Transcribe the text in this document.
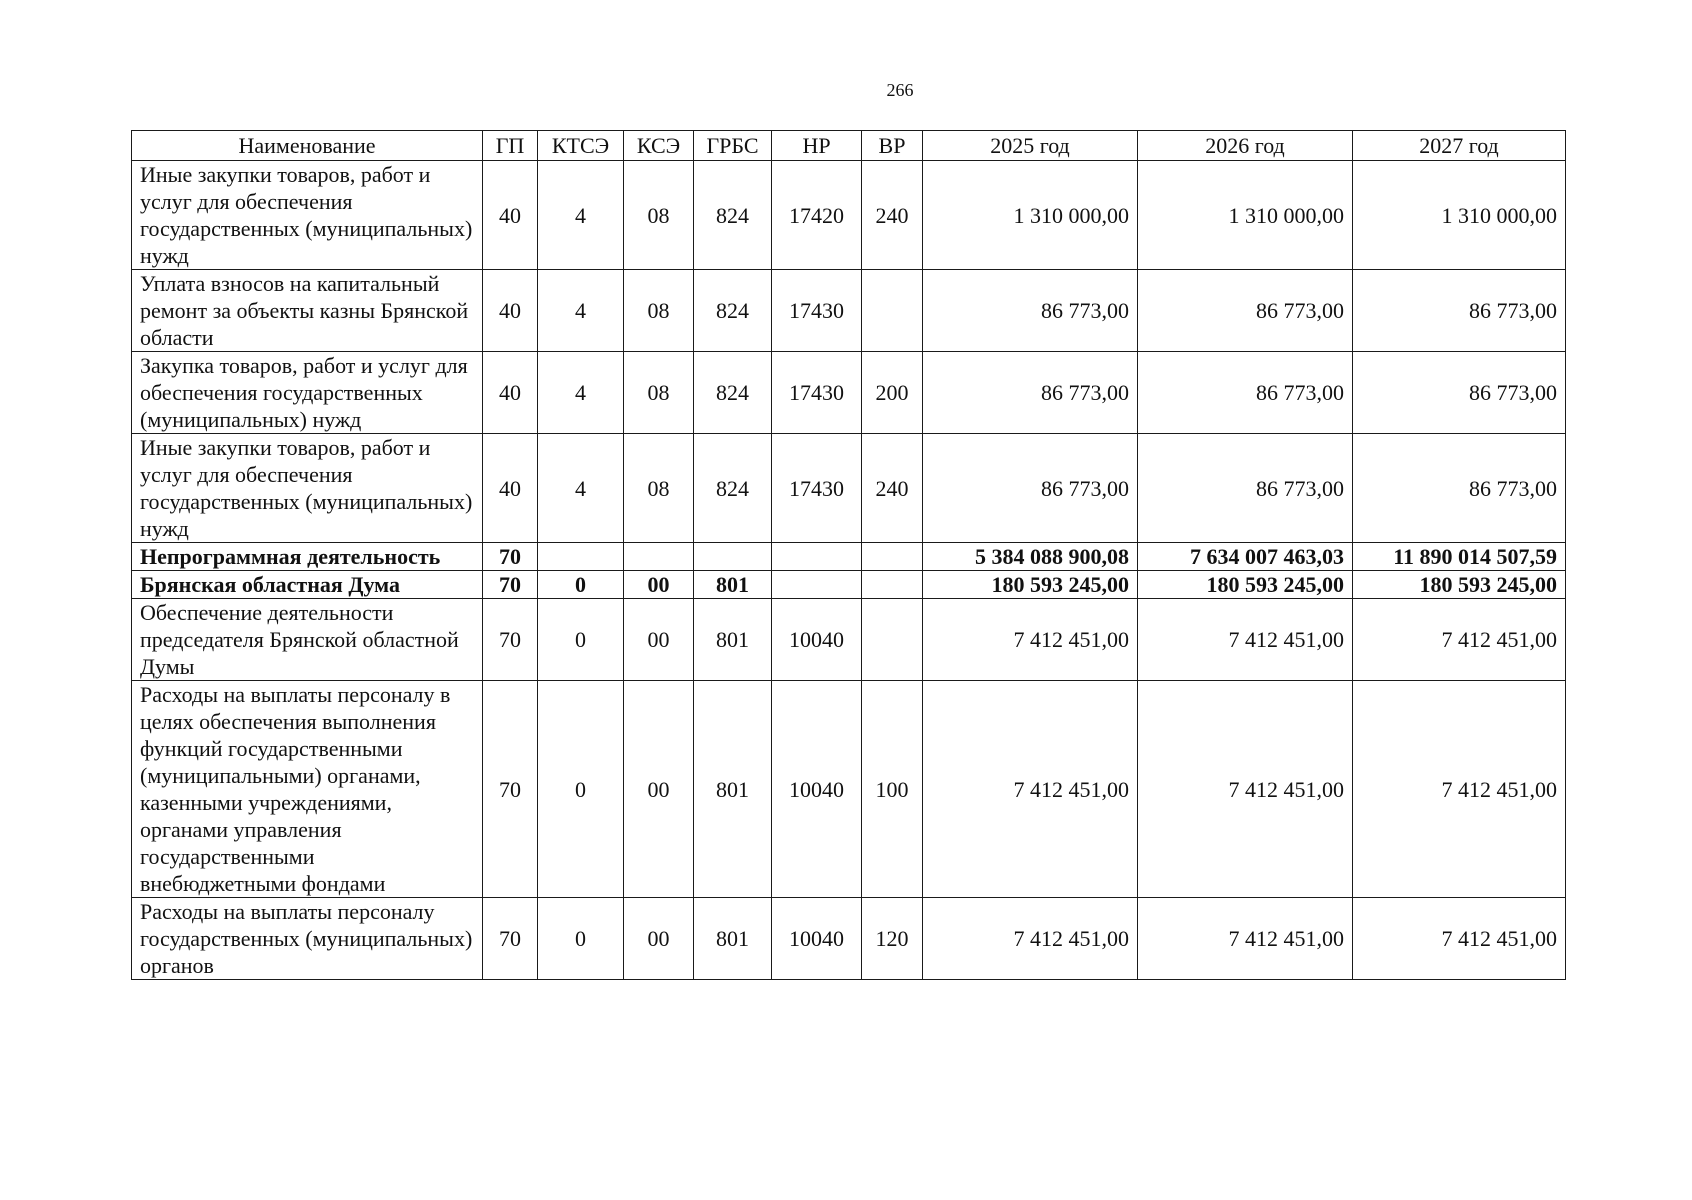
266
Наименование	ГП	КТСЭ	КСЭ	ГРБС	НР	ВР	2025 год	2026 год	2027 год
Иные закупки товаров, работ и услуг для обеспечения государственных (муниципальных) нужд	40	4	08	824	17420	240	1 310 000,00	1 310 000,00	1 310 000,00
Уплата взносов на капитальный ремонт за объекты казны Брянской области	40	4	08	824	17430		86 773,00	86 773,00	86 773,00
Закупка товаров, работ и услуг для обеспечения государственных (муниципальных) нужд	40	4	08	824	17430	200	86 773,00	86 773,00	86 773,00
Иные закупки товаров, работ и услуг для обеспечения государственных (муниципальных) нужд	40	4	08	824	17430	240	86 773,00	86 773,00	86 773,00
Непрограммная деятельность	70						5 384 088 900,08	7 634 007 463,03	11 890 014 507,59
Брянская областная Дума	70	0	00	801			180 593 245,00	180 593 245,00	180 593 245,00
Обеспечение деятельности председателя Брянской областной Думы	70	0	00	801	10040		7 412 451,00	7 412 451,00	7 412 451,00
Расходы на выплаты персоналу в целях обеспечения выполнения функций государственными (муниципальными) органами, казенными учреждениями, органами управления государственными внебюджетными фондами	70	0	00	801	10040	100	7 412 451,00	7 412 451,00	7 412 451,00
Расходы на выплаты персоналу государственных (муниципальных) органов	70	0	00	801	10040	120	7 412 451,00	7 412 451,00	7 412 451,00
